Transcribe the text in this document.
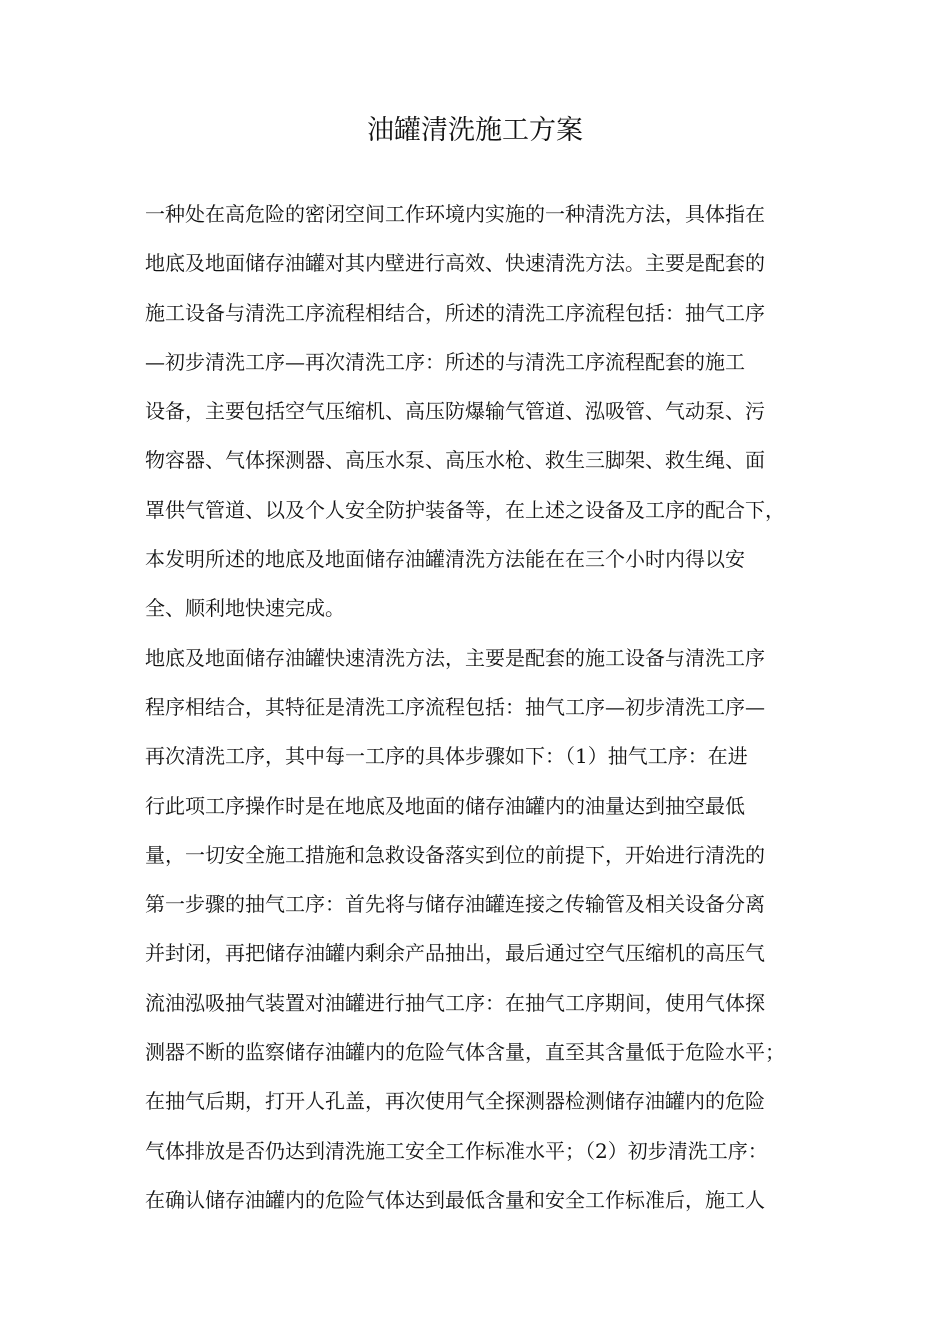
油罐清洗施工方案
一种处在高危险的密闭空间工作环境内实施的一种清洗方法，具体指在
地底及地面储存油罐对其内壁进行高效、快速清洗方法。主要是配套的
施工设备与清洗工序流程相结合，所述的清洗工序流程包括：抽气工序
—初步清洗工序—再次清洗工序：所述的与清洗工序流程配套的施工
设备，主要包括空气压缩机、高压防爆输气管道、泓吸管、气动泵、污
物容器、气体探测器、高压水泵、高压水枪、救生三脚架、救生绳、面
罩供气管道、以及个人安全防护装备等，在上述之设备及工序的配合下，
本发明所述的地底及地面储存油罐清洗方法能在在三个小时内得以安
全、顺利地快速完成。
地底及地面储存油罐快速清洗方法，主要是配套的施工设备与清洗工序
程序相结合，其特征是清洗工序流程包括：抽气工序—初步清洗工序—
再次清洗工序，其中每一工序的具体步骤如下：（1）抽气工序：在进
行此项工序操作时是在地底及地面的储存油罐内的油量达到抽空最低
量，一切安全施工措施和急救设备落实到位的前提下，开始进行清洗的
第一步骤的抽气工序：首先将与储存油罐连接之传输管及相关设备分离
并封闭，再把储存油罐内剩余产品抽出，最后通过空气压缩机的高压气
流油泓吸抽气装置对油罐进行抽气工序：在抽气工序期间，使用气体探
测器不断的监察储存油罐内的危险气体含量，直至其含量低于危险水平；
在抽气后期，打开人孔盖，再次使用气全探测器检测储存油罐内的危险
气体排放是否仍达到清洗施工安全工作标准水平；（2）初步清洗工序：
在确认储存油罐内的危险气体达到最低含量和安全工作标准后，施工人
